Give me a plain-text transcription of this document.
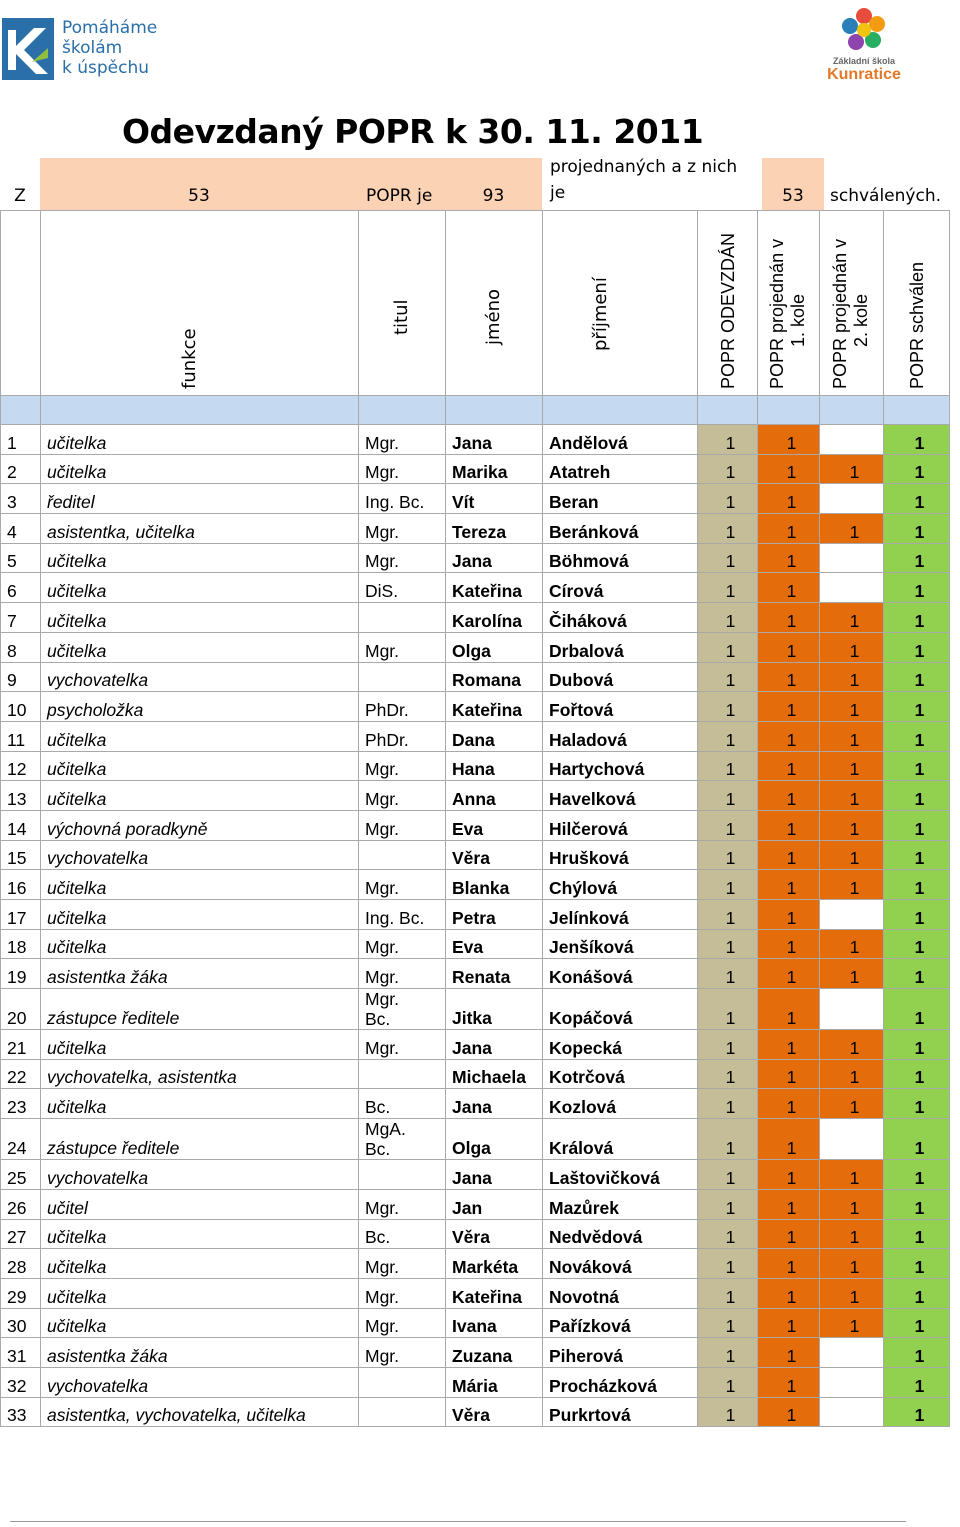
Pomáháme
školám
k úspěchu	Základní škola
Kunratice
Odevzdaný POPR k 30. 11. 2011
Z	53	POPR je	93
projednaných a z nich je	53	schválených.

	funkce	titul	jméno	příjmení	POPR ODEVZDÁN	POPR projednán v
1. kole	POPR projednán v
2. kole	POPR schválen

1	učitelka	Mgr.	Jana	Andělová	1	1		1
2	učitelka	Mgr.	Marika	Atatreh	1	1	1	1
3	ředitel	Ing. Bc.	Vít	Beran	1	1		1
4	asistentka, učitelka	Mgr.	Tereza	Beránková	1	1	1	1
5	učitelka	Mgr.	Jana	Böhmová	1	1		1
6	učitelka	DiS.	Kateřina	Círová	1	1		1
7	učitelka		Karolína	Čiháková	1	1	1	1
8	učitelka	Mgr.	Olga	Drbalová	1	1	1	1
9	vychovatelka		Romana	Dubová	1	1	1	1
10	psycholožka	PhDr.	Kateřina	Fořtová	1	1	1	1
11	učitelka	PhDr.	Dana	Haladová	1	1	1	1
12	učitelka	Mgr.	Hana	Hartychová	1	1	1	1
13	učitelka	Mgr.	Anna	Havelková	1	1	1	1
14	výchovná poradkyně	Mgr.	Eva	Hilčerová	1	1	1	1
15	vychovatelka		Věra	Hrušková	1	1	1	1
16	učitelka	Mgr.	Blanka	Chýlová	1	1	1	1
17	učitelka	Ing. Bc.	Petra	Jelínková	1	1		1
18	učitelka	Mgr.	Eva	Jenšíková	1	1	1	1
19	asistentka žáka	Mgr.	Renata	Konášová	1	1	1	1
20	zástupce ředitele	Mgr.
Bc.	Jitka	Kopáčová	1	1		1
21	učitelka	Mgr.	Jana	Kopecká	1	1	1	1
22	vychovatelka, asistentka		Michaela	Kotrčová	1	1	1	1
23	učitelka	Bc.	Jana	Kozlová	1	1	1	1
24	zástupce ředitele	MgA.
Bc.	Olga	Králová	1	1		1
25	vychovatelka		Jana	Laštovičková	1	1	1	1
26	učitel	Mgr.	Jan	Mazůrek	1	1	1	1
27	učitelka	Bc.	Věra	Nedvědová	1	1	1	1
28	učitelka	Mgr.	Markéta	Nováková	1	1	1	1
29	učitelka	Mgr.	Kateřina	Novotná	1	1	1	1
30	učitelka	Mgr.	Ivana	Pařízková	1	1	1	1
31	asistentka žáka	Mgr.	Zuzana	Piherová	1	1		1
32	vychovatelka		Mária	Procházková	1	1		1
33	asistentka, vychovatelka, učitelka		Věra	Purkrtová	1	1		1
